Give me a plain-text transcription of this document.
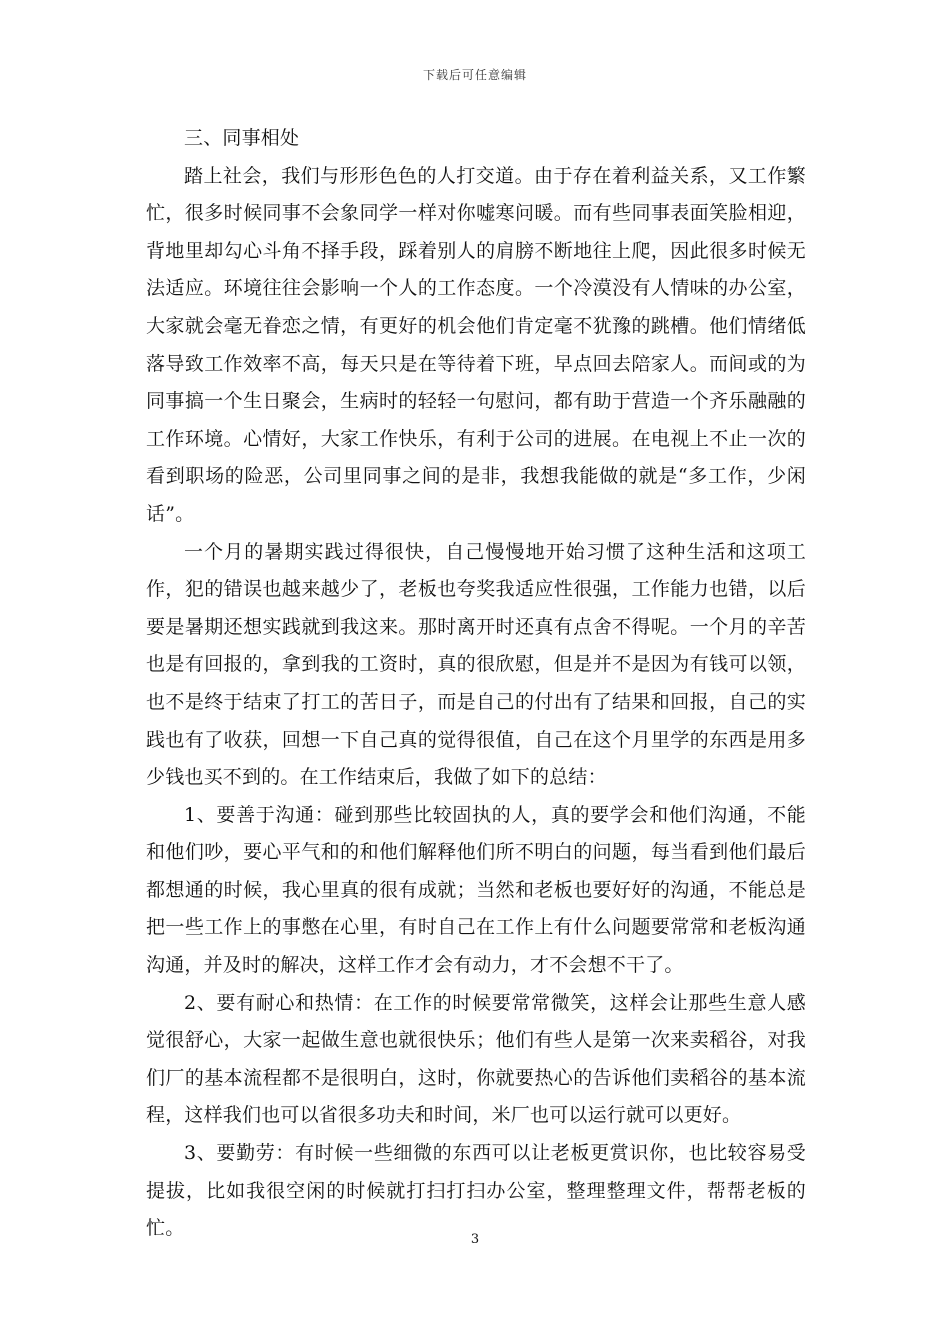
下载后可任意编辑

三、同事相处

踏上社会，我们与形形色色的人打交道。由于存在着利益关系，又工作繁忙，很多时候同事不会象同学一样对你嘘寒问暖。而有些同事表面笑脸相迎，背地里却勾心斗角不择手段，踩着别人的肩膀不断地往上爬，因此很多时候无法适应。环境往往会影响一个人的工作态度。一个冷漠没有人情味的办公室，大家就会毫无眷恋之情，有更好的机会他们肯定毫不犹豫的跳槽。他们情绪低落导致工作效率不高，每天只是在等待着下班，早点回去陪家人。而间或的为同事搞一个生日聚会，生病时的轻轻一句慰问，都有助于营造一个齐乐融融的工作环境。心情好，大家工作快乐，有利于公司的进展。在电视上不止一次的看到职场的险恶，公司里同事之间的是非，我想我能做的就是“多工作，少闲话”。

一个月的暑期实践过得很快，自己慢慢地开始习惯了这种生活和这项工作，犯的错误也越来越少了，老板也夸奖我适应性很强，工作能力也错，以后要是暑期还想实践就到我这来。那时离开时还真有点舍不得呢。一个月的辛苦也是有回报的，拿到我的工资时，真的很欣慰，但是并不是因为有钱可以领，也不是终于结束了打工的苦日子，而是自己的付出有了结果和回报，自己的实践也有了收获，回想一下自己真的觉得很值，自己在这个月里学的东西是用多少钱也买不到的。在工作结束后，我做了如下的总结：

1、要善于沟通：碰到那些比较固执的人，真的要学会和他们沟通，不能和他们吵，要心平气和的和他们解释他们所不明白的问题，每当看到他们最后都想通的时候，我心里真的很有成就；当然和老板也要好好的沟通，不能总是把一些工作上的事憋在心里，有时自己在工作上有什么问题要常常和老板沟通沟通，并及时的解决，这样工作才会有动力，才不会想不干了。

2、要有耐心和热情：在工作的时候要常常微笑，这样会让那些生意人感觉很舒心，大家一起做生意也就很快乐；他们有些人是第一次来卖稻谷，对我们厂的基本流程都不是很明白，这时，你就要热心的告诉他们卖稻谷的基本流程，这样我们也可以省很多功夫和时间，米厂也可以运行就可以更好。

3、要勤劳：有时候一些细微的东西可以让老板更赏识你，也比较容易受提拔，比如我很空闲的时候就打扫打扫办公室，整理整理文件，帮帮老板的忙。

3
